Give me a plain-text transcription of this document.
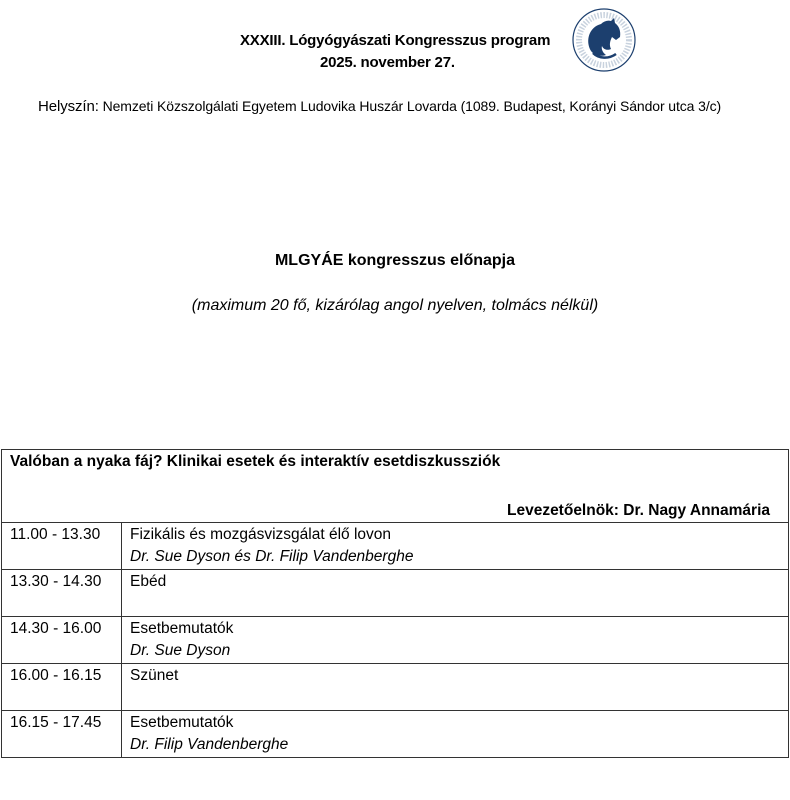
XXXIII. Lógyógyászati Kongresszus program
2025. november 27.
Helyszín: Nemzeti Közszolgálati Egyetem Ludovika Huszár Lovarda (1089. Budapest, Korányi Sándor utca 3/c)
MLGYÁE kongresszus előnapja
(maximum 20 fő, kizárólag angol nyelven, tolmács nélkül)
Valóban a nyaka fáj? Klinikai esetek és interaktív esetdiszkussziók
Levezetőelnök: Dr. Nagy Annamária	

11.00 - 13.30	Fizikális és mozgásvizsgálat élő lovon
Dr. Sue Dyson és Dr. Filip Vandenberghe

13.30 - 14.30	Ebéd

14.30 - 16.00	Esetbemutatók
Dr. Sue Dyson

16.00 - 16.15	Szünet

16.15 - 17.45	Esetbemutatók
Dr. Filip Vandenberghe
